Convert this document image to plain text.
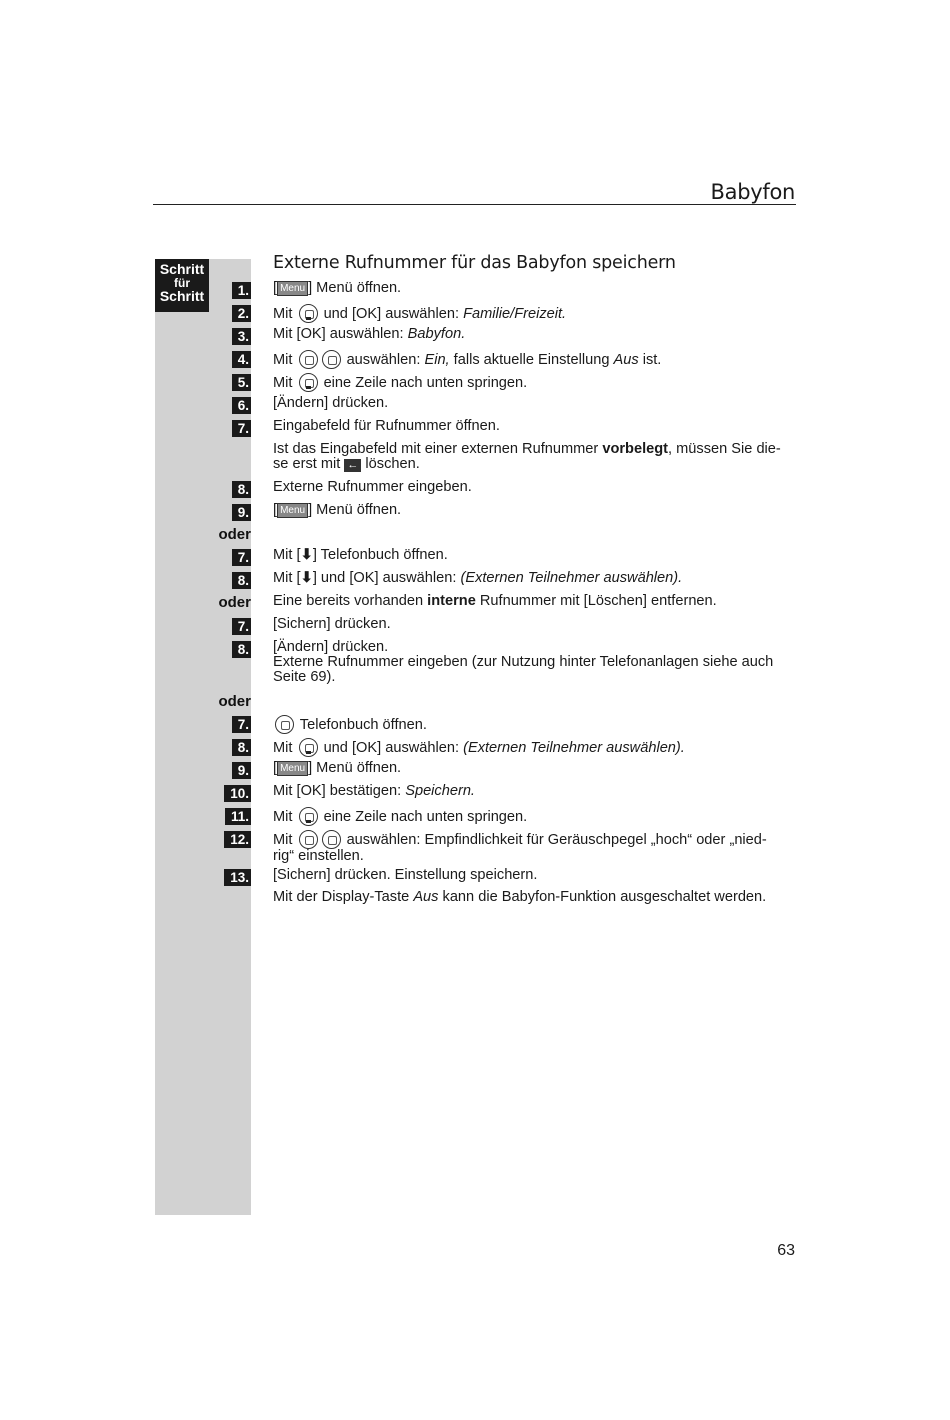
Babyfon
Schritt
für
Schritt
Externe Rufnummer für das Babyfon speichern
1. [ Menu ] Menü öffnen.
2. Mit  und [OK] auswählen: Familie/Freizeit.
3. Mit [OK] auswählen: Babyfon.
4. Mit	auswählen: Ein, falls aktuelle Einstellung Aus ist.
5. Mit  eine Zeile nach unten springen.
6. [Ändern] drücken.
7. Eingabefeld für Rufnummer öffnen.
Ist das Eingabefeld mit einer externen Rufnummer vorbelegt, müssen Sie die-
se erst mit ← löschen.
8. Externe Rufnummer eingeben.
9. [ Menu ] Menü öffnen.
oder
7. Mit [⬇] Telefonbuch öffnen.
8. Mit [⬇] und [OK] auswählen: (Externen Teilnehmer auswählen).
oder Eine bereits vorhanden interne Rufnummer mit [Löschen] entfernen.
7. [Sichern] drücken.
8. [Ändern] drücken.
Externe Rufnummer eingeben (zur Nutzung hinter Telefonanlagen siehe auch
Seite 69).
oder
7.	Telefonbuch öffnen.
8. Mit  und [OK] auswählen: (Externen Teilnehmer auswählen).
9. [ Menu ] Menü öffnen.
10. Mit [OK] bestätigen: Speichern.
11. Mit  eine Zeile nach unten springen.
12. Mit	auswählen: Empfindlichkeit für Geräuschpegel „hoch“ oder „nied-
rig“ einstellen.
13. [Sichern] drücken. Einstellung speichern.
Mit der Display-Taste Aus kann die Babyfon-Funktion ausgeschaltet werden.
63
